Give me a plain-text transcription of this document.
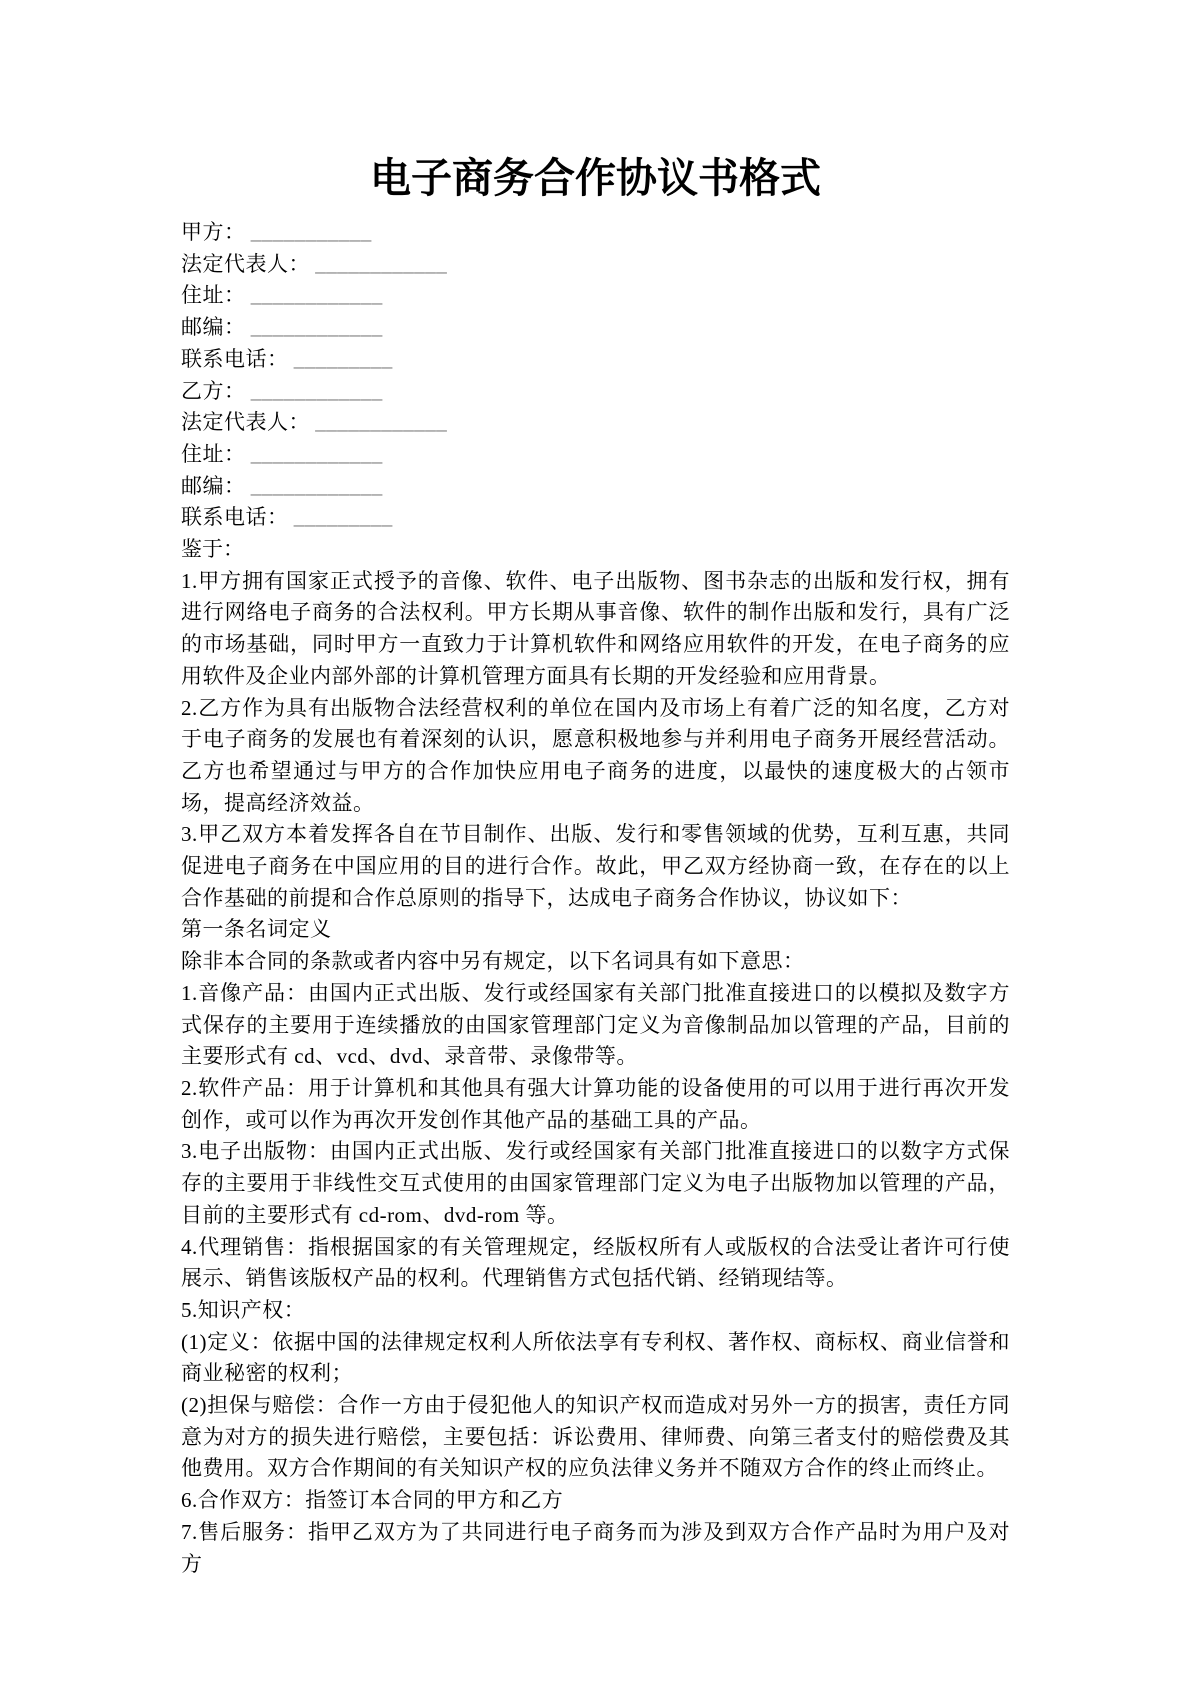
电子商务合作协议书格式
甲方： ___________
法定代表人： ____________
住址： ____________
邮编： ____________
联系电话： _________
乙方： ____________
法定代表人： ____________
住址： ____________
邮编： ____________
联系电话： _________
鉴于：

1.甲方拥有国家正式授予的音像、软件、电子出版物、图书杂志的出版和发行权，拥有进行网络电子商务的合法权利。甲方长期从事音像、软件的制作出版和发行，具有广泛的市场基础，同时甲方一直致力于计算机软件和网络应用软件的开发，在电子商务的应用软件及企业内部外部的计算机管理方面具有长期的开发经验和应用背景。

2.乙方作为具有出版物合法经营权利的单位在国内及市场上有着广泛的知名度，乙方对于电子商务的发展也有着深刻的认识，愿意积极地参与并利用电子商务开展经营活动。乙方也希望通过与甲方的合作加快应用电子商务的进度，以最快的速度极大的占领市场，提高经济效益。

3.甲乙双方本着发挥各自在节目制作、出版、发行和零售领域的优势，互利互惠，共同促进电子商务在中国应用的目的进行合作。故此，甲乙双方经协商一致，在存在的以上合作基础的前提和合作总原则的指导下，达成电子商务合作协议，协议如下：

第一条名词定义

除非本合同的条款或者内容中另有规定，以下名词具有如下意思：

1.音像产品：由国内正式出版、发行或经国家有关部门批准直接进口的以模拟及数字方式保存的主要用于连续播放的由国家管理部门定义为音像制品加以管理的产品，目前的主要形式有 cd、vcd、dvd、录音带、录像带等。

2.软件产品：用于计算机和其他具有强大计算功能的设备使用的可以用于进行再次开发创作，或可以作为再次开发创作其他产品的基础工具的产品。

3.电子出版物：由国内正式出版、发行或经国家有关部门批准直接进口的以数字方式保存的主要用于非线性交互式使用的由国家管理部门定义为电子出版物加以管理的产品，目前的主要形式有 cd-rom、dvd-rom 等。

4.代理销售：指根据国家的有关管理规定，经版权所有人或版权的合法受让者许可行使展示、销售该版权产品的权利。代理销售方式包括代销、经销现结等。

5.知识产权：

(1)定义：依据中国的法律规定权利人所依法享有专利权、著作权、商标权、商业信誉和商业秘密的权利；

(2)担保与赔偿：合作一方由于侵犯他人的知识产权而造成对另外一方的损害，责任方同意为对方的损失进行赔偿，主要包括：诉讼费用、律师费、向第三者支付的赔偿费及其他费用。双方合作期间的有关知识产权的应负法律义务并不随双方合作的终止而终止。

6.合作双方：指签订本合同的甲方和乙方

7.售后服务：指甲乙双方为了共同进行电子商务而为涉及到双方合作产品时为用户及对方
